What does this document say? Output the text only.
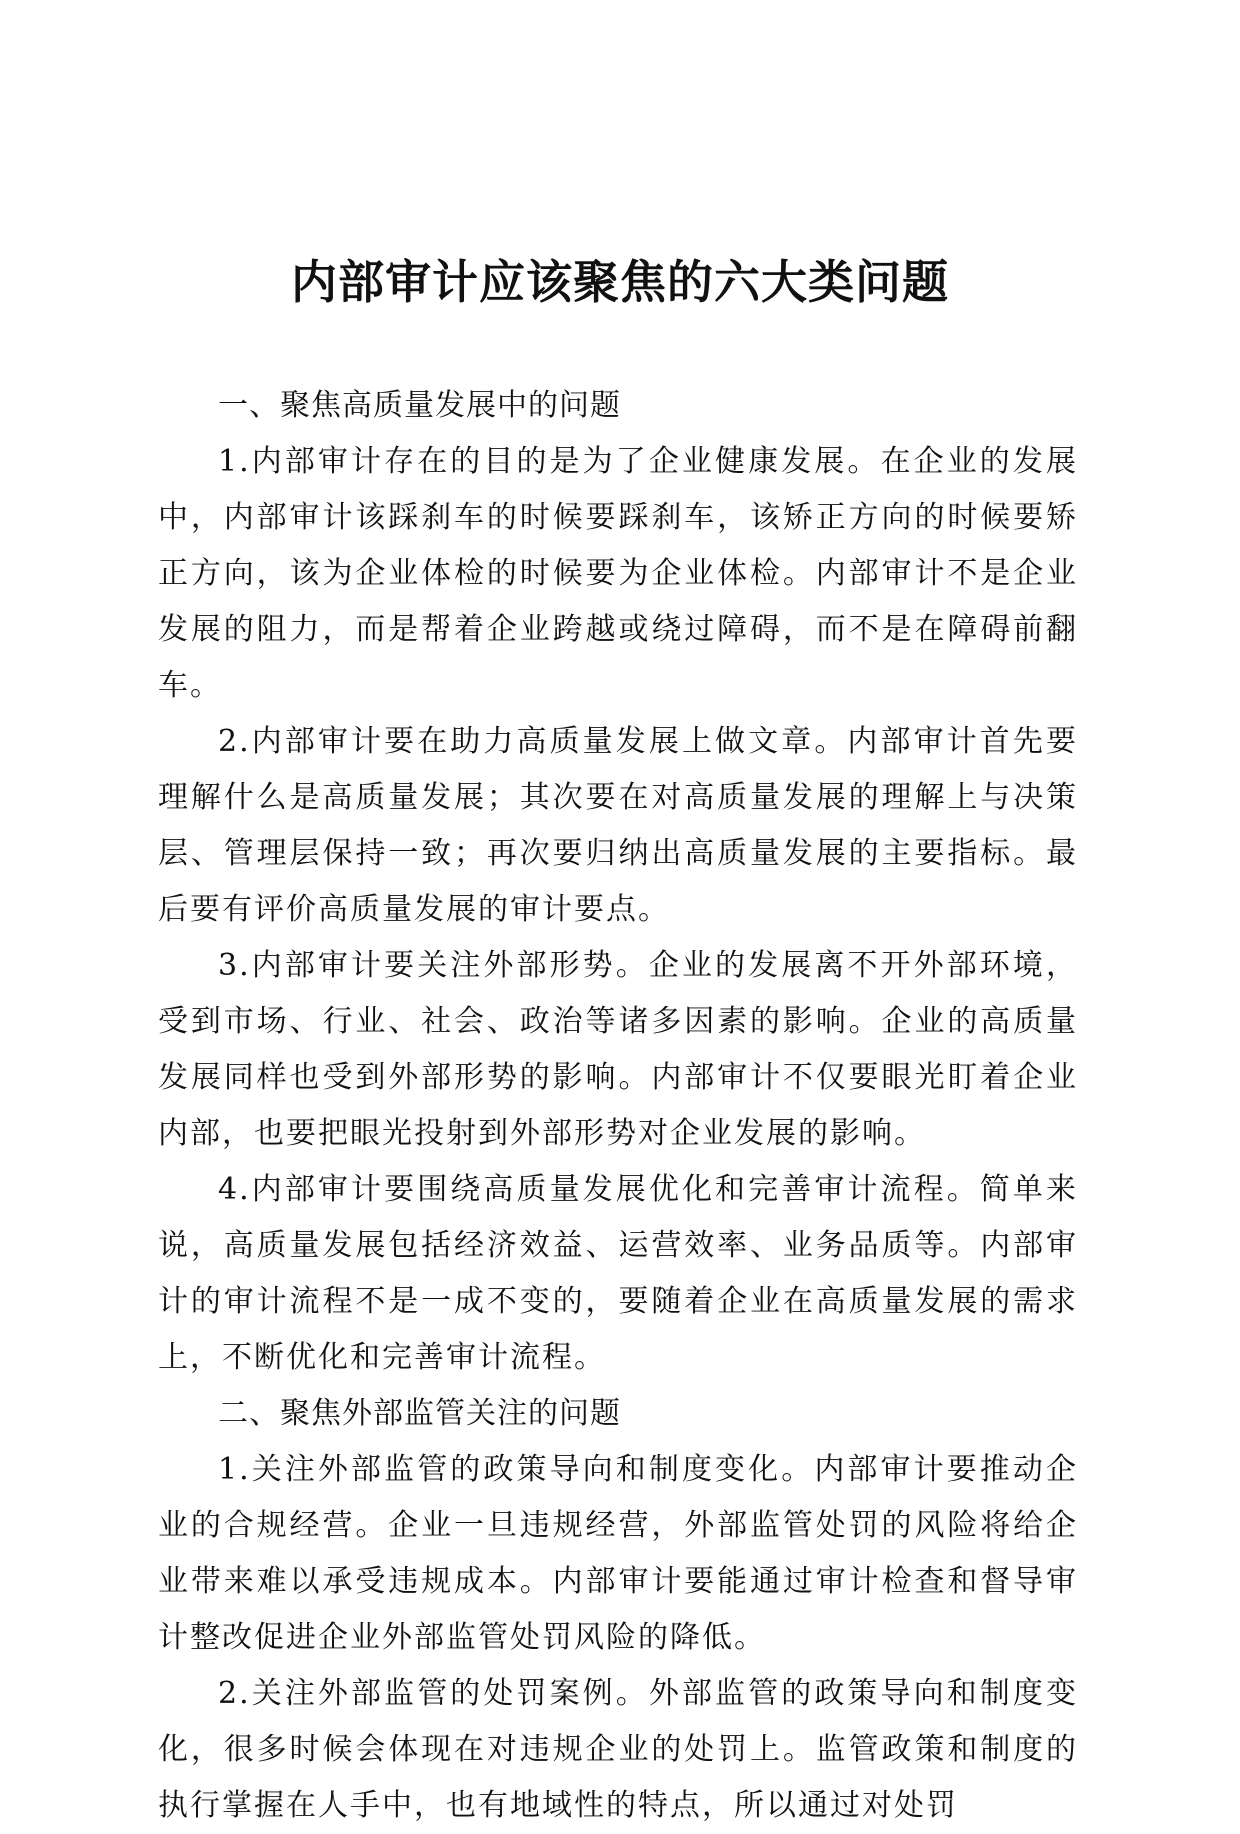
内部审计应该聚焦的六大类问题
一、聚焦高质量发展中的问题

1.内部审计存在的目的是为了企业健康发展。在企业的发展中，内部审计该踩刹车的时候要踩刹车，该矫正方向的时候要矫正方向，该为企业体检的时候要为企业体检。内部审计不是企业发展的阻力，而是帮着企业跨越或绕过障碍，而不是在障碍前翻车。

2.内部审计要在助力高质量发展上做文章。内部审计首先要理解什么是高质量发展；其次要在对高质量发展的理解上与决策层、管理层保持一致；再次要归纳出高质量发展的主要指标。最后要有评价高质量发展的审计要点。

3.内部审计要关注外部形势。企业的发展离不开外部环境，受到市场、行业、社会、政治等诸多因素的影响。企业的高质量发展同样也受到外部形势的影响。内部审计不仅要眼光盯着企业内部，也要把眼光投射到外部形势对企业发展的影响。

4.内部审计要围绕高质量发展优化和完善审计流程。简单来说，高质量发展包括经济效益、运营效率、业务品质等。内部审计的审计流程不是一成不变的，要随着企业在高质量发展的需求上，不断优化和完善审计流程。

二、聚焦外部监管关注的问题

1.关注外部监管的政策导向和制度变化。内部审计要推动企业的合规经营。企业一旦违规经营，外部监管处罚的风险将给企业带来难以承受违规成本。内部审计要能通过审计检查和督导审计整改促进企业外部监管处罚风险的降低。

2.关注外部监管的处罚案例。外部监管的政策导向和制度变化，很多时候会体现在对违规企业的处罚上。监管政策和制度的执行掌握在人手中，也有地域性的特点，所以通过对处罚
